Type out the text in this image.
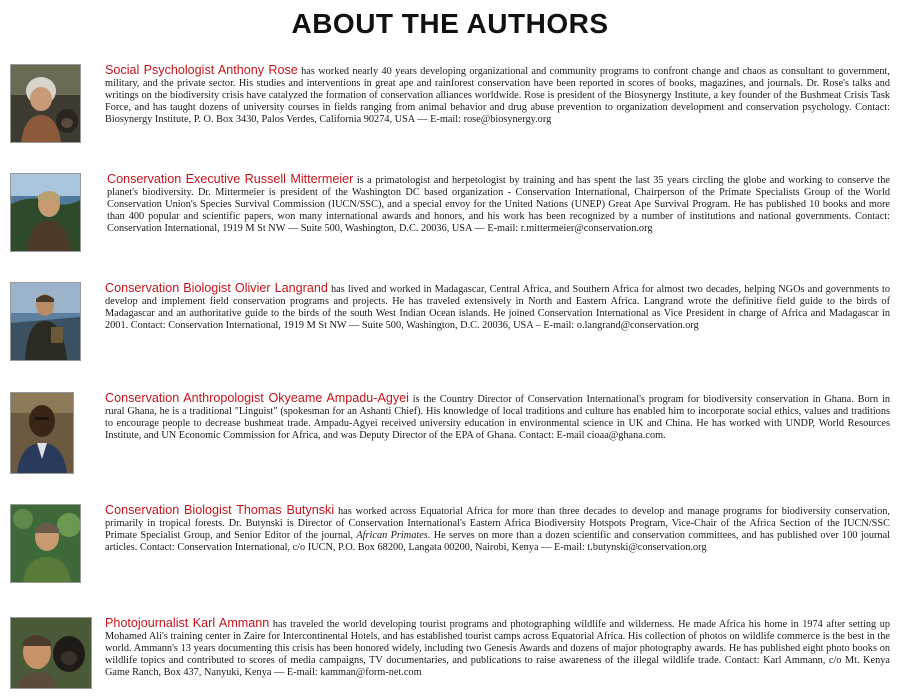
ABOUT THE AUTHORS

Social Psychologist Anthony Rose has worked nearly 40 years developing organizational and community programs to confront change and chaos as consultant to government, military, and the private sector. His studies and interventions in great ape and rainforest conservation have been reported in scores of books, magazines, and journals. Dr. Rose's talks and writings on the biodiversity crisis have catalyzed the formation of conservation alliances worldwide. Rose is president of the Biosynergy Institute, a key founder of the Bushmeat Crisis Task Force, and has taught dozens of university courses in fields ranging from animal behavior and drug abuse prevention to organization development and conservation psychology. Contact: Biosynergy Institute, P. O. Box 3430, Palos Verdes, California 90274, USA — E-mail: rose@biosynergy.org

Conservation Executive Russell Mittermeier is a primatologist and herpetologist by training and has spent the last 35 years circling the globe and working to conserve the planet's biodiversity. Dr. Mittermeier is president of the Washington DC based organization - Conservation International, Chairperson of the Primate Specialists Group of the World Conservation Union's Species Survival Commission (IUCN/SSC), and a special envoy for the United Nations (UNEP) Great Ape Survival Program. He has published 10 books and more than 400 popular and scientific papers, won many international awards and honors, and his work has been recognized by a number of institutions and national governments. Contact: Conservation International, 1919 M St NW — Suite 500, Washington, D.C. 20036, USA — E-mail: r.mittermeier@conservation.org

Conservation Biologist Olivier Langrand has lived and worked in Madagascar, Central Africa, and Southern Africa for almost two decades, helping NGOs and governments to develop and implement field conservation programs and projects. He has traveled extensively in North and Eastern Africa. Langrand wrote the definitive field guide to the birds of Madagascar and an authoritative guide to the birds of the south West Indian Ocean islands. He joined Conservation International as Vice President in charge of Africa and Madagascar in 2001. Contact: Conservation International, 1919 M St NW — Suite 500, Washington, D.C. 20036, USA – E-mail: o.langrand@conservation.org

Conservation Anthropologist Okyeame Ampadu-Agyei is the Country Director of Conservation International's program for biodiversity conservation in Ghana. Born in rural Ghana, he is a traditional "Linguist" (spokesman for an Ashanti Chief). His knowledge of local traditions and culture has enabled him to incorporate social ethics, values and traditions to encourage people to decrease bushmeat trade. Ampadu-Agyei received university education in environmental science in UK and China. He has worked with UNDP, World Resources Institute, and UN Economic Commission for Africa, and was Deputy Director of the EPA of Ghana. Contact: E-mail cioaa@ghana.com.

Conservation Biologist Thomas Butynski has worked across Equatorial Africa for more than three decades to develop and manage programs for biodiversity conservation, primarily in tropical forests. Dr. Butynski is Director of Conservation International's Eastern Africa Biodiversity Hotspots Program, Vice-Chair of the Africa Section of the IUCN/SSC Primate Specialist Group, and Senior Editor of the journal, African Primates. He serves on more than a dozen scientific and conservation committees, and has published over 100 journal articles. Contact: Conservation International, c/o IUCN, P.O. Box 68200, Langata 00200, Nairobi, Kenya — E-mail: t.butynski@conservation.org

Photojournalist Karl Ammann has traveled the world developing tourist programs and photographing wildlife and wilderness. He made Africa his home in 1974 after setting up Mohamed Ali's training center in Zaire for Intercontinental Hotels, and has established tourist camps across Equatorial Africa. His collection of photos on wildlife commerce is the best in the world. Ammann's 13 years documenting this crisis has been honored widely, including two Genesis Awards and dozens of major photography awards. He has published eight photo books on wildlife topics and contributed to scores of media campaigns, TV documentaries, and publications to raise awareness of the illegal wildlife trade. Contact: Karl Ammann, c/o Mt. Kenya Game Ranch, Box 437, Nanyuki, Kenya — E-mail: kamman@form-net.com
